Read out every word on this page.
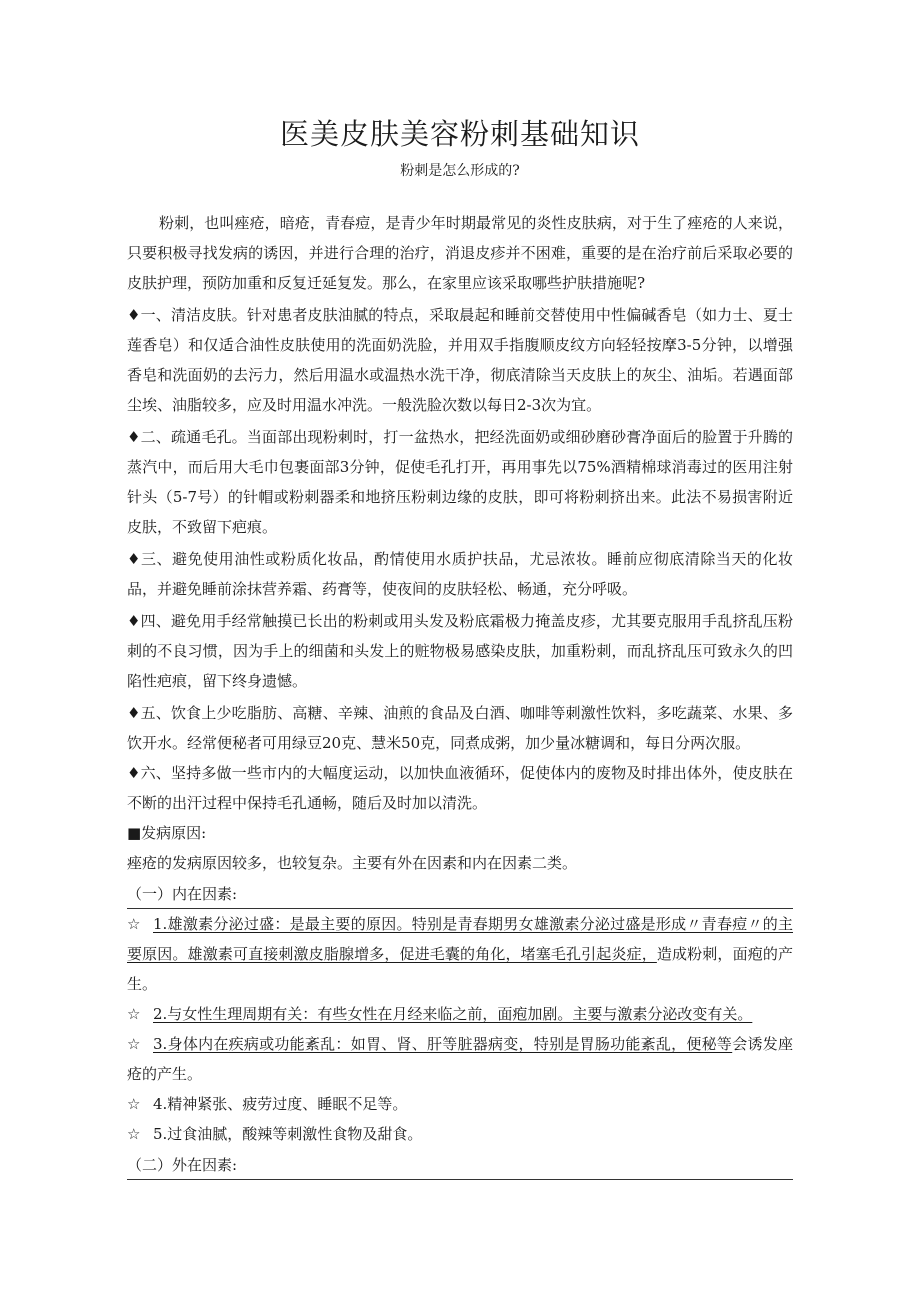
医美皮肤美容粉刺基础知识
粉刺是怎么形成的?

粉刺，也叫痤疮，暗疮，青春痘，是青少年时期最常见的炎性皮肤病，对于生了痤疮的人来说，只要积极寻找发病的诱因，并进行合理的治疗，消退皮疹并不困难，重要的是在治疗前后采取必要的皮肤护理，预防加重和反复迁延复发。那么，在家里应该采取哪些护肤措施呢?

♦一、清洁皮肤。针对患者皮肤油腻的特点，采取晨起和睡前交替使用中性偏碱香皂（如力士、夏士莲香皂）和仅适合油性皮肤使用的洗面奶洗脸，并用双手指腹顺皮纹方向轻轻按摩3-5分钟，以增强香皂和洗面奶的去污力，然后用温水或温热水洗干净，彻底清除当天皮肤上的灰尘、油垢。若遇面部尘埃、油脂较多，应及时用温水冲洗。一般洗脸次数以每日2-3次为宜。

♦二、疏通毛孔。当面部出现粉刺时，打一盆热水，把经洗面奶或细砂磨砂膏净面后的脸置于升腾的蒸汽中，而后用大毛巾包裹面部3分钟，促使毛孔打开，再用事先以75%酒精棉球消毒过的医用注射针头（5-7号）的针帽或粉刺器柔和地挤压粉刺边缘的皮肤，即可将粉刺挤出来。此法不易损害附近皮肤，不致留下疤痕。

♦三、避免使用油性或粉质化妆品，酌情使用水质护扶品，尤忌浓妆。睡前应彻底清除当天的化妆品，并避免睡前涂抹营养霜、药膏等，使夜间的皮肤轻松、畅通，充分呼吸。

♦四、避免用手经常触摸已长出的粉刺或用头发及粉底霜极力掩盖皮疹，尤其要克服用手乱挤乱压粉刺的不良习惯，因为手上的细菌和头发上的赃物极易感染皮肤，加重粉刺，而乱挤乱压可致永久的凹陷性疤痕，留下终身遗憾。

♦五、饮食上少吃脂肪、高糖、辛辣、油煎的食品及白酒、咖啡等刺激性饮料，多吃蔬菜、水果、多饮开水。经常便秘者可用绿豆20克、慧米50克，同煮成粥，加少量冰糖调和，每日分两次服。

♦六、坚持多做一些市内的大幅度运动，以加快血液循环，促使体内的废物及时排出体外，使皮肤在不断的出汗过程中保持毛孔通畅，随后及时加以清洗。

■发病原因:

痤疮的发病原因较多，也较复杂。主要有外在因素和内在因素二类。

（一）内在因素:

☆ 1.雄激素分泌过盛：是最主要的原因。特别是青春期男女雄激素分泌过盛是形成〃青春痘〃的主要原因。雄激素可直接刺激皮脂腺增多，促进毛囊的角化，堵塞毛孔引起炎症，造成粉刺，面疱的产生。

☆ 2.与女性生理周期有关：有些女性在月经来临之前，面疱加剧。主要与激素分泌改变有关。

☆ 3.身体内在疾病或功能紊乱：如胃、肾、肝等脏器病变，特别是胃肠功能紊乱，便秘等会诱发座疮的产生。

☆ 4.精神紧张、疲劳过度、睡眠不足等。

☆ 5.过食油腻，酸辣等刺激性食物及甜食。

（二）外在因素:
